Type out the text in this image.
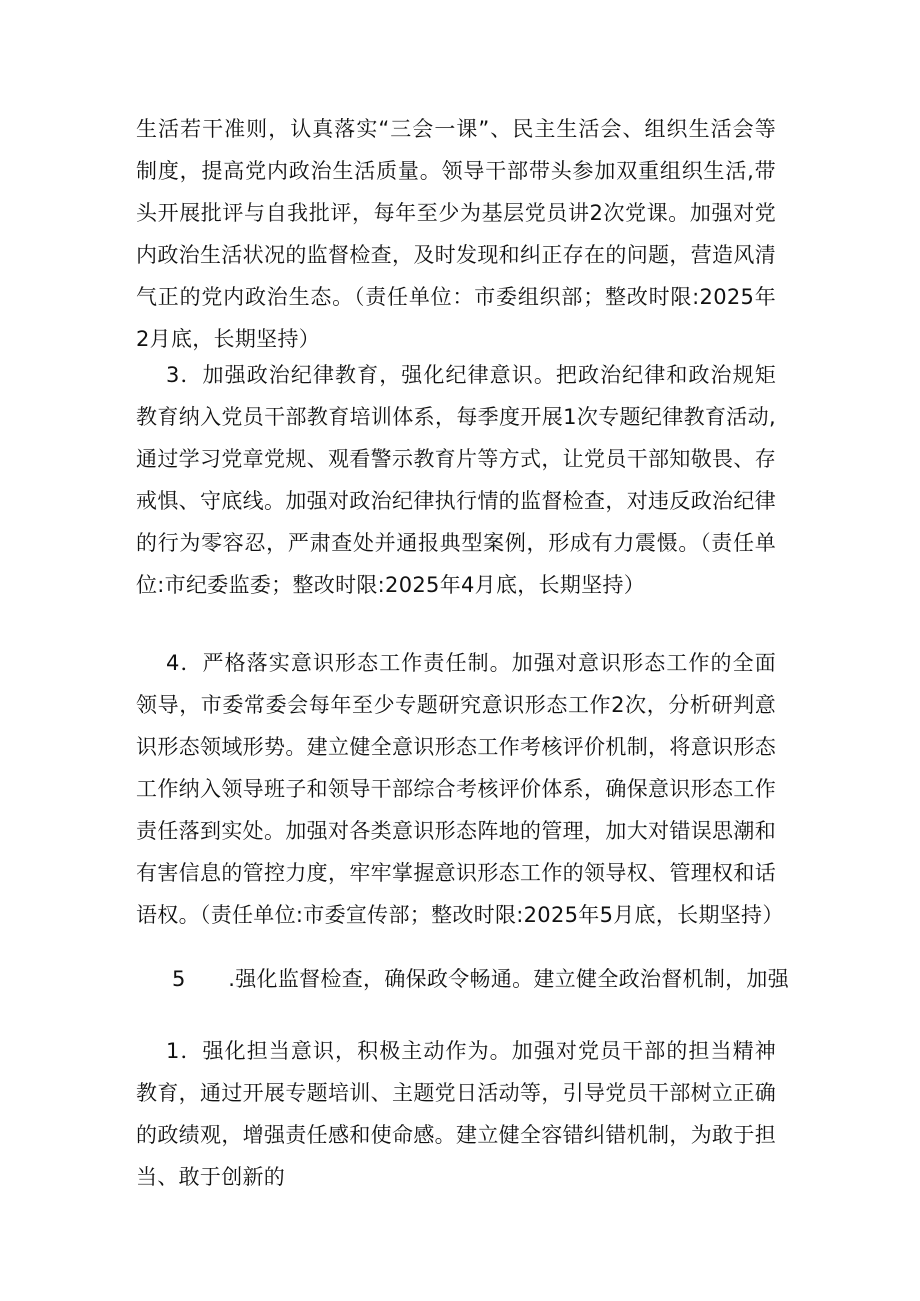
生活若干准则，认真落实“三会一课”、民主生活会、组织生活会等制度，提高党内政治生活质量。领导干部带头参加双重组织生活,带头开展批评与自我批评，每年至少为基层党员讲2次党课。加强对党内政治生活状况的监督检查，及时发现和纠正存在的问题，营造风清气正的党内政治生态。（责任单位：市委组织部；整改时限:2025年2月底，长期坚持）

3．加强政治纪律教育，强化纪律意识。把政治纪律和政治规矩教育纳入党员干部教育培训体系，每季度开展1次专题纪律教育活动,通过学习党章党规、观看警示教育片等方式，让党员干部知敬畏、存戒惧、守底线。加强对政治纪律执行情的监督检查，对违反政治纪律的行为零容忍，严肃查处并通报典型案例，形成有力震慑。（责任单位:市纪委监委；整改时限:2025年4月底，长期坚持）

4．严格落实意识形态工作责任制。加强对意识形态工作的全面领导，市委常委会每年至少专题研究意识形态工作2次，分析研判意识形态领域形势。建立健全意识形态工作考核评价机制，将意识形态工作纳入领导班子和领导干部综合考核评价体系，确保意识形态工作责任落到实处。加强对各类意识形态阵地的管理，加大对错误思潮和有害信息的管控力度，牢牢掌握意识形态工作的领导权、管理权和话语权。（责任单位:市委宣传部；整改时限:2025年5月底，长期坚持）

5　　.强化监督检查，确保政令畅通。建立健全政治督机制，加强

1．强化担当意识，积极主动作为。加强对党员干部的担当精神教育，通过开展专题培训、主题党日活动等，引导党员干部树立正确的政绩观，增强责任感和使命感。建立健全容错纠错机制，为敢于担当、敢于创新的
